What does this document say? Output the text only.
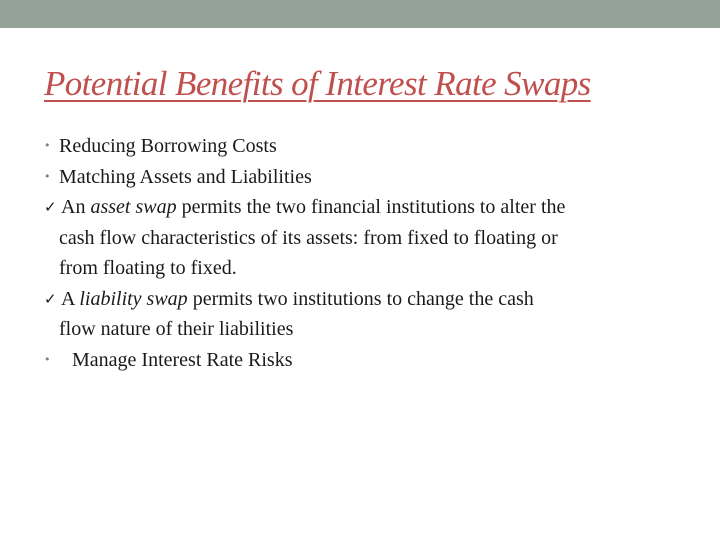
Potential Benefits of Interest Rate Swaps
• Reducing Borrowing Costs
• Matching Assets and Liabilities
✓ An asset swap permits the two financial institutions to alter the
cash flow characteristics of its assets: from fixed to floating or
from floating to fixed.
✓ A liability swap permits two institutions to change the cash
flow nature of their liabilities
• Manage Interest Rate Risks
